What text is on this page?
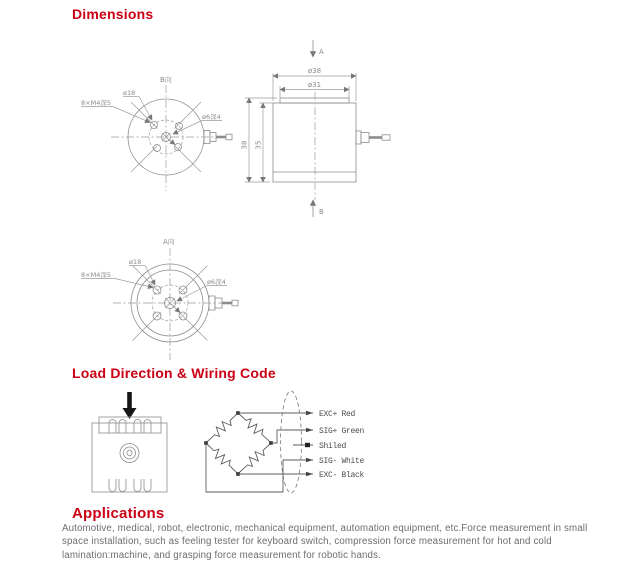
Dimensions
B向
ø18
8×M4深5
ø6深4
A
ø38
ø31
38 35
B
A向
ø18
8×M4深5
ø6深4
Load Direction & Wiring Code
EXC+ Red
SIG+ Green
Shiled
SIG- White
EXC- Black
Applications

Automotive, medical, robot, electronic, mechanical equipment, automation equipment, etc.Force measurement in small space installation, such as feeling tester for keyboard switch, compression force measurement for hot and cold lamination:machine, and grasping force measurement for robotic hands.
